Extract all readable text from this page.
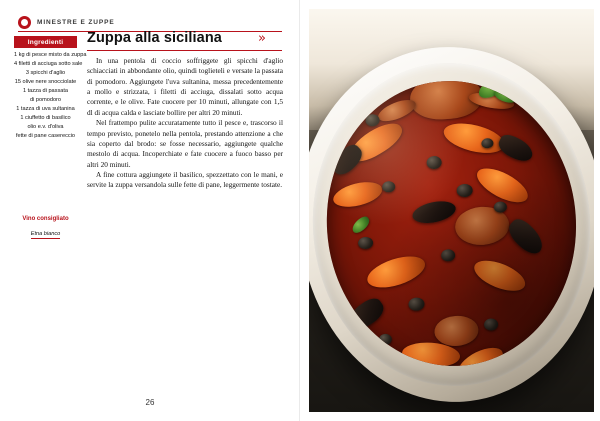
MINESTRE E ZUPPE
Ingredienti
1 kg di pesce misto da zuppa
4 filetti di acciuga sotto sale
3 spicchi d'aglio
15 olive nere snocciolate
1 tazza di passata
di pomodoro
1 tazza di uva sultanina
1 ciuffetto di basilico
olio e.v. d'oliva
fette di pane casereccio
Vino consigliato
Etna bianco
Zuppa alla siciliana	»

In una pentola di coccio soffriggete gli spicchi d'aglio schiacciati in abbondante olio, quindi toglieteli e versate la passata di pomodoro. Aggiungete l'uva sultanina, messa precedentemente a mollo e strizzata, i filetti di acciuga, dissalati sotto acqua corrente, e le olive. Fate cuocere per 10 minuti, allungate con 1,5 dl di acqua calda e lasciate bollire per altri 20 minuti.

Nel frattempo pulite accuratamente tutto il pesce e, trascorso il tempo previsto, ponetelo nella pentola, prestando attenzione a che sia coperto dal brodo: se fosse necessario, aggiungete qualche mestolo di acqua. Incoperchiate e fate cuocere a fuoco basso per altri 20 minuti.

A fine cottura aggiungete il basilico, spezzettato con le mani, e servite la zuppa versandola sulle fette di pane, leggermente tostate.

26
